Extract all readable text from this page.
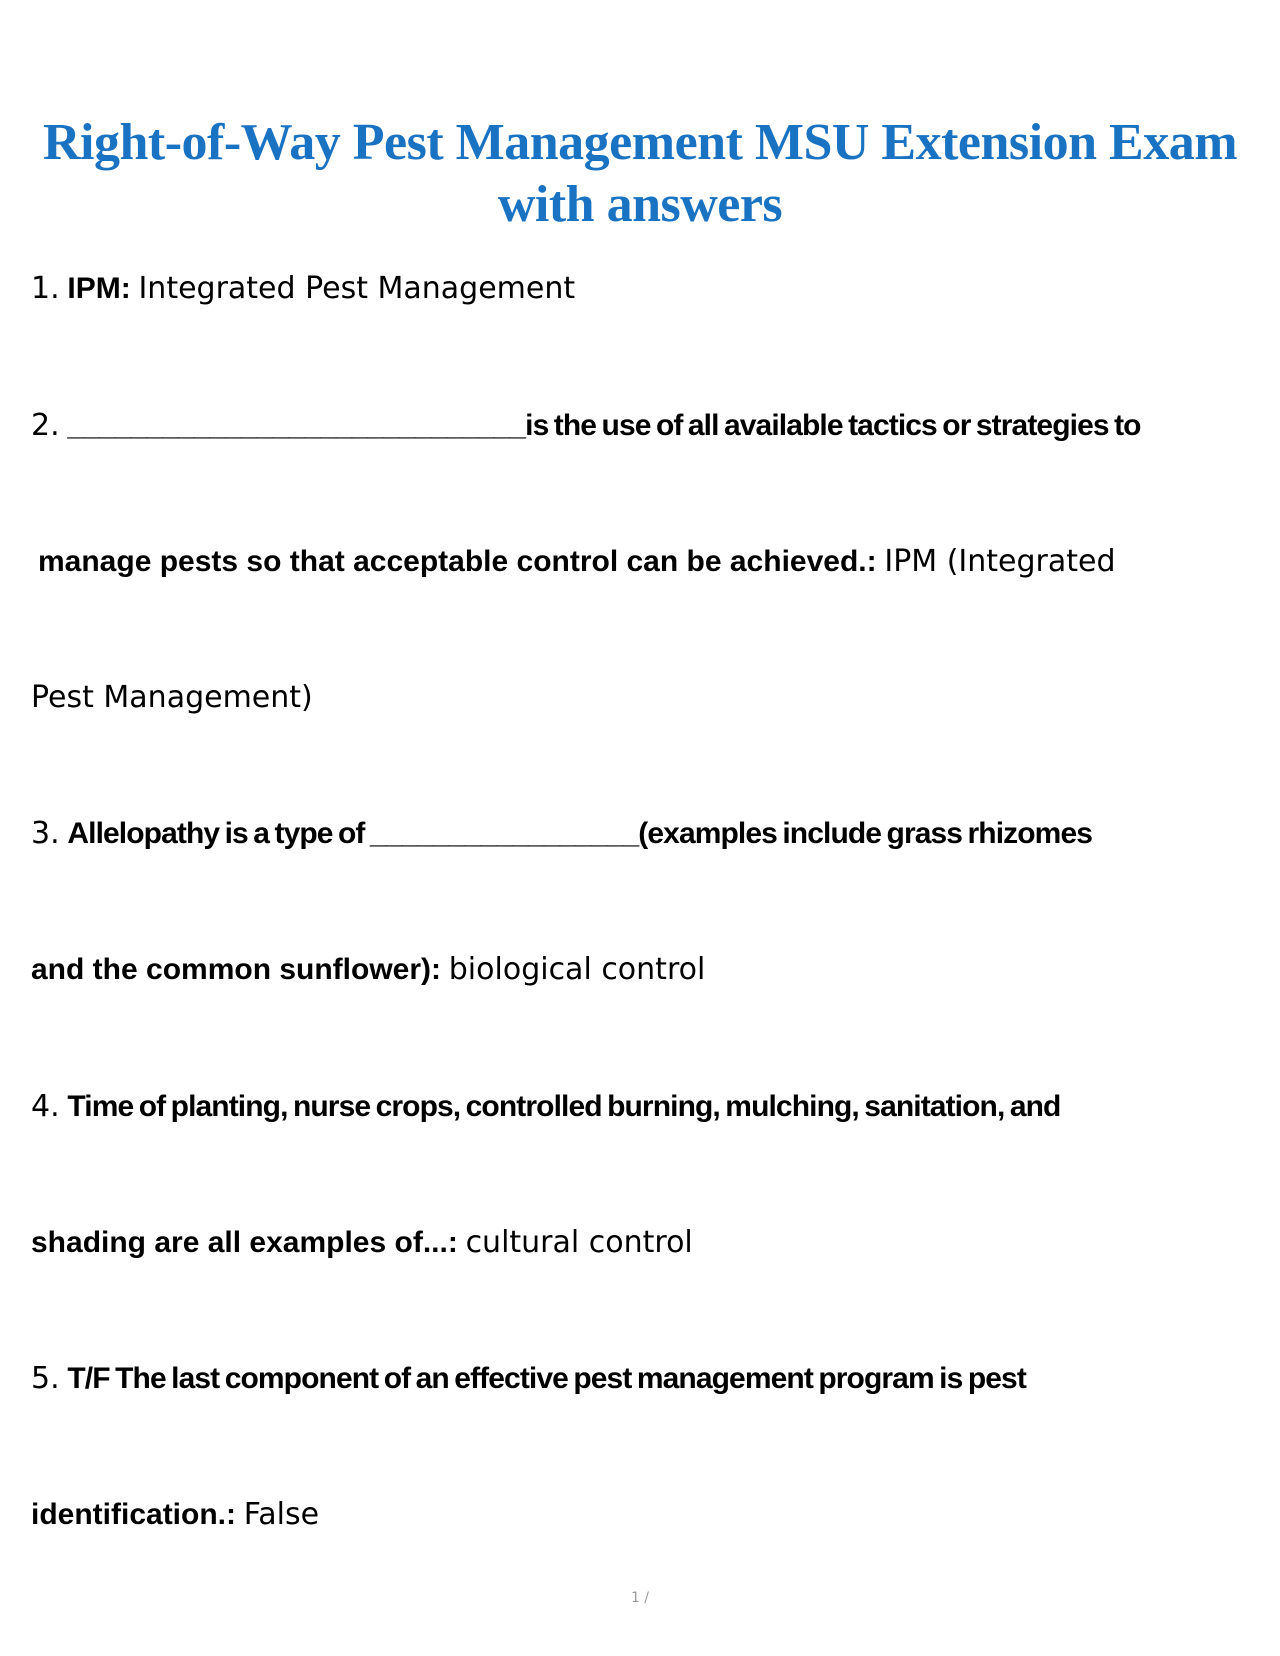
Right-of-Way Pest Management MSU Extension Exam with answers
1. IPM: Integrated Pest Management
2. _____________________________is the use of all available tactics or strategies to
manage pests so that acceptable control can be achieved.: IPM (Integrated
Pest Management)
3. Allelopathy is a type of _________________(examples include grass rhizomes
and the common sunflower): biological control
4. Time of planting, nurse crops, controlled burning, mulching, sanitation, and
shading are all examples of...: cultural control
5. T/F The last component of an effective pest management program is pest
identification.: False
1 /
